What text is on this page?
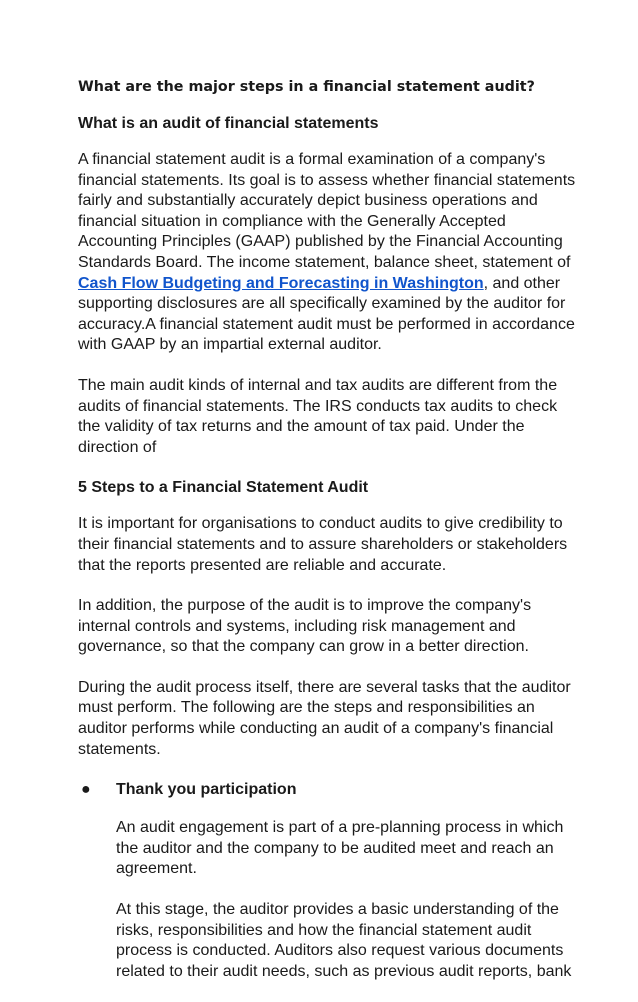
What are the major steps in a financial statement audit?
What is an audit of financial statements

A financial statement audit is a formal examination of a company's financial statements. Its goal is to assess whether financial statements fairly and substantially accurately depict business operations and financial situation in compliance with the Generally Accepted Accounting Principles (GAAP) published by the Financial Accounting Standards Board. The income statement, balance sheet, statement of Cash Flow Budgeting and Forecasting in Washington, and other supporting disclosures are all specifically examined by the auditor for accuracy.A financial statement audit must be performed in accordance with GAAP by an impartial external auditor.

The main audit kinds of internal and tax audits are different from the audits of financial statements. The IRS conducts tax audits to check the validity of tax returns and the amount of tax paid. Under the direction of

5 Steps to a Financial Statement Audit

It is important for organisations to conduct audits to give credibility to their financial statements and to assure shareholders or stakeholders that the reports presented are reliable and accurate.

In addition, the purpose of the audit is to improve the company's internal controls and systems, including risk management and governance, so that the company can grow in a better direction.

During the audit process itself, there are several tasks that the auditor must perform. The following are the steps and responsibilities an auditor performs while conducting an audit of a company's financial statements.

● Thank you participation

An audit engagement is part of a pre-planning process in which the auditor and the company to be audited meet and reach an agreement.

At this stage, the auditor provides a basic understanding of the risks, responsibilities and how the financial statement audit process is conducted. Auditors also request various documents related to their audit needs, such as previous audit reports, bank
